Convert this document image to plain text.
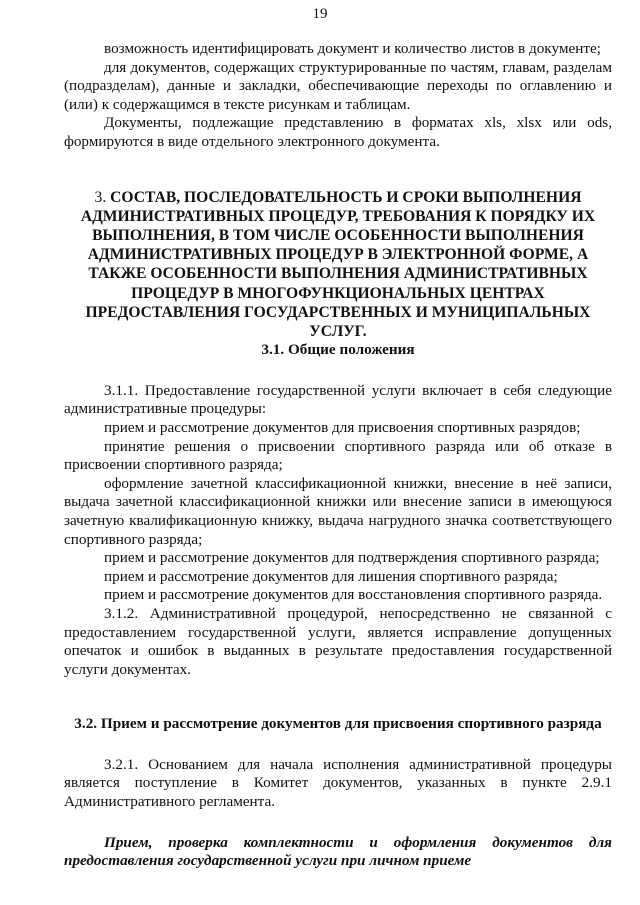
19

возможность идентифицировать документ и количество листов в документе;

для документов, содержащих структурированные по частям, главам, разделам (подразделам), данные и закладки, обеспечивающие переходы по оглавлению и (или) к содержащимся в тексте рисункам и таблицам.

Документы, подлежащие представлению в форматах xls, xlsx или ods, формируются в виде отдельного электронного документа.

3. СОСТАВ, ПОСЛЕДОВАТЕЛЬНОСТЬ И СРОКИ ВЫПОЛНЕНИЯ АДМИНИСТРАТИВНЫХ ПРОЦЕДУР, ТРЕБОВАНИЯ К ПОРЯДКУ ИХ ВЫПОЛНЕНИЯ, В ТОМ ЧИСЛЕ ОСОБЕННОСТИ ВЫПОЛНЕНИЯ АДМИНИСТРАТИВНЫХ ПРОЦЕДУР В ЭЛЕКТРОННОЙ ФОРМЕ, А ТАКЖЕ ОСОБЕННОСТИ ВЫПОЛНЕНИЯ АДМИНИСТРАТИВНЫХ ПРОЦЕДУР В МНОГОФУНКЦИОНАЛЬНЫХ ЦЕНТРАХ ПРЕДОСТАВЛЕНИЯ ГОСУДАРСТВЕННЫХ И МУНИЦИПАЛЬНЫХ УСЛУГ.
3.1. Общие положения

3.1.1. Предоставление государственной услуги включает в себя следующие административные процедуры:

прием и рассмотрение документов для присвоения спортивных разрядов;

принятие решения о присвоении спортивного разряда или об отказе в присвоении спортивного разряда;

оформление зачетной классификационной книжки, внесение в неё записи, выдача зачетной классификационной книжки или внесение записи в имеющуюся зачетную квалификационную книжку, выдача нагрудного значка соответствующего спортивного разряда;

прием и рассмотрение документов для подтверждения спортивного разряда;

прием и рассмотрение документов для лишения спортивного разряда;

прием и рассмотрение документов для восстановления спортивного разряда.

3.1.2. Административной процедурой, непосредственно не связанной с предоставлением государственной услуги, является исправление допущенных опечаток и ошибок в выданных в результате предоставления государственной услуги документах.

3.2. Прием и рассмотрение документов для присвоения спортивного разряда

3.2.1. Основанием для начала исполнения административной процедуры является поступление в Комитет документов, указанных в пункте 2.9.1 Административного регламента.

Прием, проверка комплектности и оформления документов для предоставления государственной услуги при личном приеме
